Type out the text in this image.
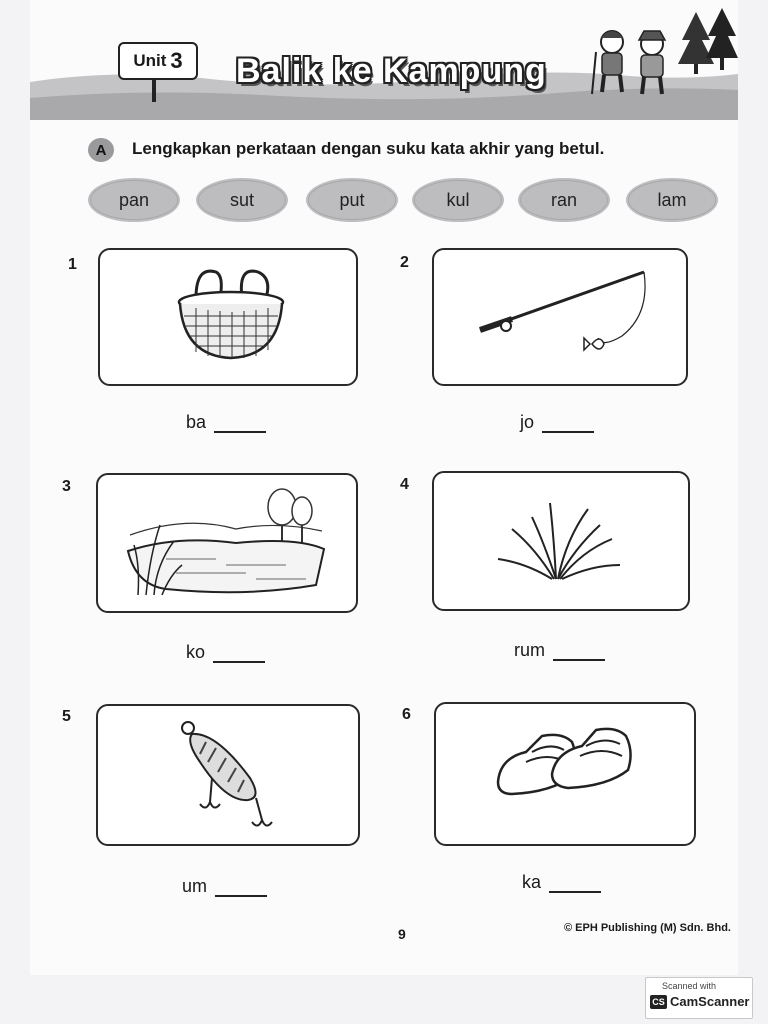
Unit 3 Balik ke Kampung
A	Lengkapkan perkataan dengan suku kata akhir yang betul.
pan	sut	put	kul	ran	lam
1
ba
2
jo
3
ko
4
rum
5
um
6
ka
9	© EPH Publishing (M) Sdn. Bhd.
Scanned with
CS CamScanner
